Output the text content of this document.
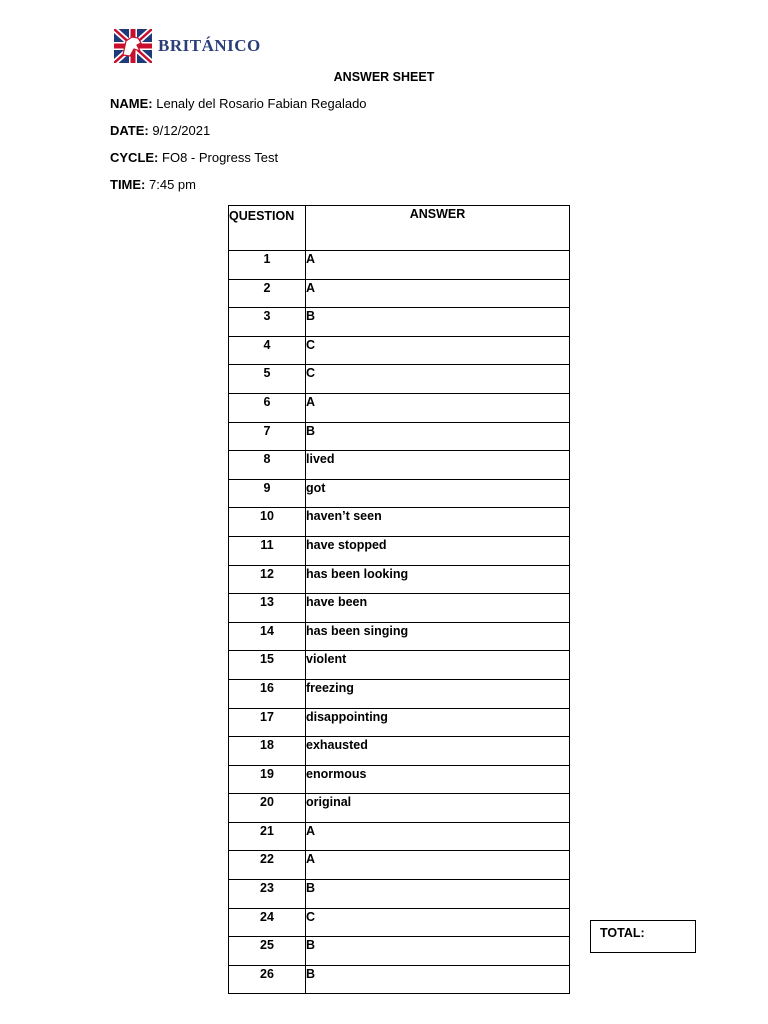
BRITÁNICO
ANSWER SHEET
NAME: Lenaly del Rosario Fabian Regalado
DATE: 9/12/2021
CYCLE: FO8 - Progress Test
TIME: 7:45 pm
QUESTION	ANSWER
1	A
2	A
3	B
4	C
5	C
6	A
7	B
8	lived
9	got
10	haven’t seen
11	have stopped
12	has been looking
13	have been
14	has been singing
15	violent
16	freezing
17	disappointing
18	exhausted
19	enormous
20	original
21	A
22	A
23	B
24	C
25	B
26	B
TOTAL:
